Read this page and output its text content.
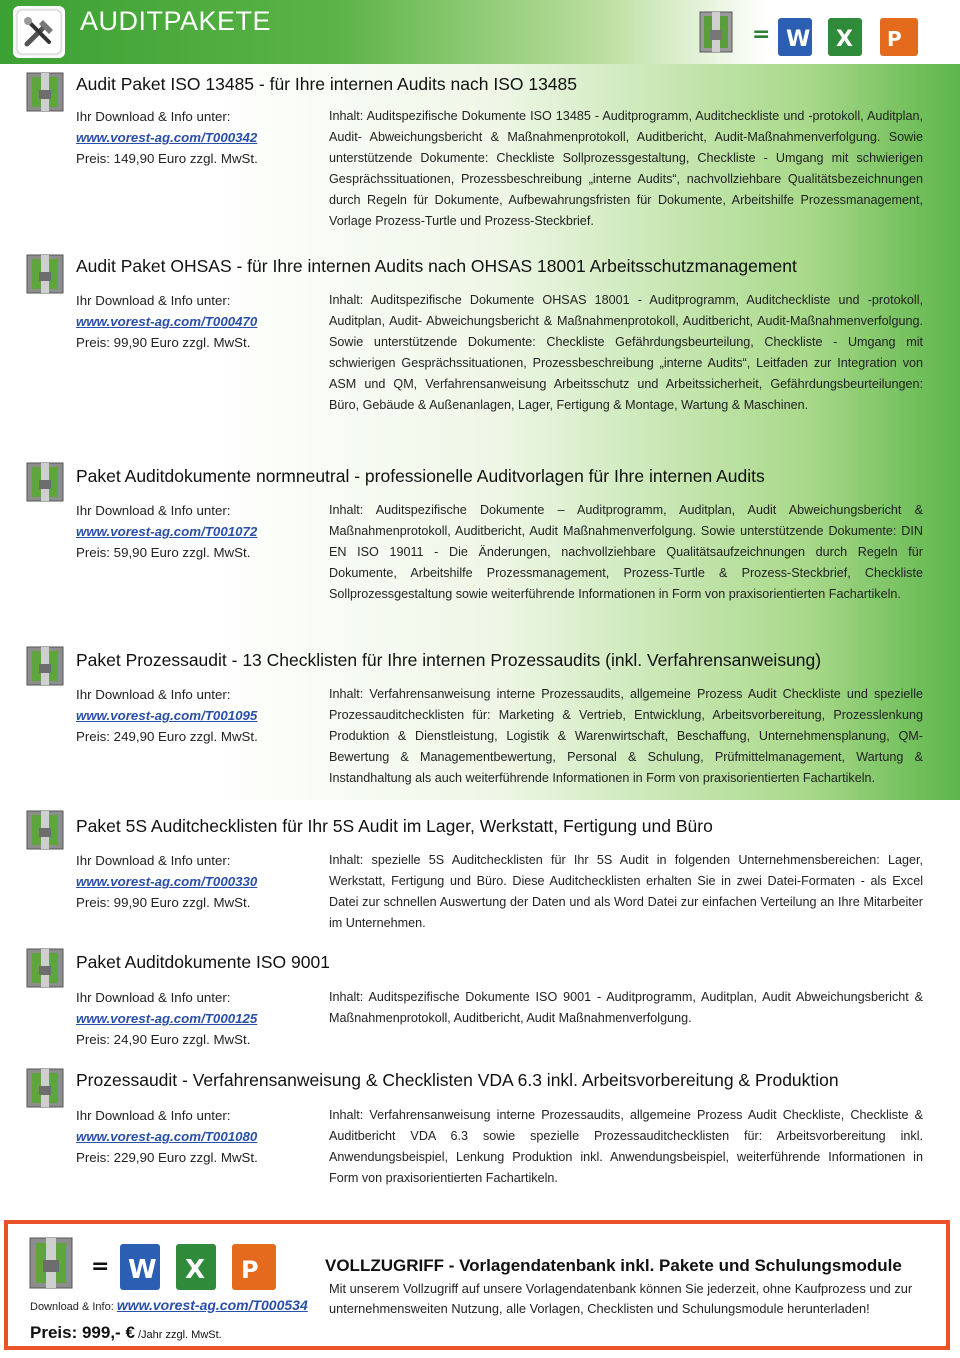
AUDITPAKETE
W X P
=
Audit Paket ISO 13485 - für Ihre internen Audits nach ISO 13485
Ihr Download & Info unter:
www.vorest-ag.com/T000342
Preis: 149,90 Euro zzgl. MwSt.
Inhalt: Auditspezifische Dokumente ISO 13485 - Auditprogramm, Auditcheckliste und -protokoll, Auditplan, Audit- Abweichungsbericht & Maßnahmenprotokoll, Auditbericht, Audit-Maßnahmenverfolgung. Sowie unterstützende Dokumente: Checkliste Sollprozessgestaltung, Checkliste - Umgang mit schwierigen Gesprächssituationen, Prozessbeschreibung „interne Audits“, nachvollziehbare Qualitätsbezeichnungen durch Regeln für Dokumente, Aufbewahrungsfristen für Dokumente, Arbeitshilfe Prozessmanagement, Vorlage Prozess-Turtle und Prozess-Steckbrief.
Audit Paket OHSAS - für Ihre internen Audits nach OHSAS 18001 Arbeitsschutzmanagement
Ihr Download & Info unter:
www.vorest-ag.com/T000470
Preis: 99,90 Euro zzgl. MwSt.
Inhalt: Auditspezifische Dokumente OHSAS 18001 - Auditprogramm, Auditcheckliste und -protokoll, Auditplan, Audit- Abweichungsbericht & Maßnahmenprotokoll, Auditbericht, Audit-Maßnahmenverfolgung. Sowie unterstützende Dokumente: Checkliste Gefährdungsbeurteilung, Checkliste - Umgang mit schwierigen Gesprächssituationen, Prozessbeschreibung „interne Audits“, Leitfaden zur Integration von ASM und QM, Verfahrensanweisung Arbeitsschutz und Arbeitssicherheit, Gefährdungsbeurteilungen: Büro, Gebäude & Außenanlagen, Lager, Fertigung & Montage, Wartung & Maschinen.
Paket Auditdokumente normneutral - professionelle Auditvorlagen für Ihre internen Audits
Ihr Download & Info unter:
www.vorest-ag.com/T001072
Preis: 59,90 Euro zzgl. MwSt.
Inhalt: Auditspezifische Dokumente – Auditprogramm, Auditplan, Audit Abweichungsbericht & Maßnahmenprotokoll, Auditbericht, Audit Maßnahmenverfolgung. Sowie unterstützende Dokumente: DIN EN ISO 19011 - Die Änderungen, nachvollziehbare Qualitätsaufzeichnungen durch Regeln für Dokumente, Arbeitshilfe Prozessmanagement, Prozess-Turtle & Prozess-Steckbrief, Checkliste Sollprozessgestaltung sowie weiterführende Informationen in Form von praxisorientierten Fachartikeln.
Paket Prozessaudit - 13 Checklisten für Ihre internen Prozessaudits (inkl. Verfahrensanweisung)
Ihr Download & Info unter:
www.vorest-ag.com/T001095
Preis: 249,90 Euro zzgl. MwSt.
Inhalt: Verfahrensanweisung interne Prozessaudits, allgemeine Prozess Audit Checkliste und spezielle Prozessauditchecklisten für: Marketing & Vertrieb, Entwicklung, Arbeitsvorbereitung, Prozesslenkung Produktion & Dienstleistung, Logistik & Warenwirtschaft, Beschaffung, Unternehmensplanung, QM-Bewertung & Managementbewertung, Personal & Schulung, Prüfmittelmanagement, Wartung & Instandhaltung als auch weiterführende Informationen in Form von praxisorientierten Fachartikeln.
Paket 5S Auditchecklisten für Ihr 5S Audit im Lager, Werkstatt, Fertigung und Büro
Ihr Download & Info unter:
www.vorest-ag.com/T000330
Preis: 99,90 Euro zzgl. MwSt.
Inhalt: spezielle 5S Auditchecklisten für Ihr 5S Audit in folgenden Unternehmensbereichen: Lager, Werkstatt, Fertigung und Büro. Diese Auditchecklisten erhalten Sie in zwei Datei-Formaten - als Excel Datei zur schnellen Auswertung der Daten und als Word Datei zur einfachen Verteilung an Ihre Mitarbeiter im Unternehmen.
Paket Auditdokumente ISO 9001
Ihr Download & Info unter:
www.vorest-ag.com/T000125
Preis: 24,90 Euro zzgl. MwSt.
Inhalt: Auditspezifische Dokumente ISO 9001 - Auditprogramm, Auditplan, Audit Abweichungsbericht & Maßnahmenprotokoll, Auditbericht, Audit Maßnahmenverfolgung.
Prozessaudit - Verfahrensanweisung & Checklisten VDA 6.3 inkl. Arbeitsvorbereitung & Produktion
Ihr Download & Info unter:
www.vorest-ag.com/T001080
Preis: 229,90 Euro zzgl. MwSt.
Inhalt: Verfahrensanweisung interne Prozessaudits, allgemeine Prozess Audit Checkliste, Checkliste & Auditbericht VDA 6.3 sowie spezielle Prozessauditchecklisten für: Arbeitsvorbereitung inkl. Anwendungsbeispiel, Lenkung Produktion inkl. Anwendungsbeispiel, weiterführende Informationen in Form von praxisorientierten Fachartikeln.
W X P
=
Download & Info: www.vorest-ag.com/T000534
Preis: 999,- € /Jahr zzgl. MwSt.
VOLLZUGRIFF - Vorlagendatenbank inkl. Pakete und Schulungsmodule
Mit unserem Vollzugriff auf unsere Vorlagendatenbank können Sie jederzeit, ohne Kaufprozess und zur unternehmensweiten Nutzung, alle Vorlagen, Checklisten und Schulungsmodule herunterladen!
